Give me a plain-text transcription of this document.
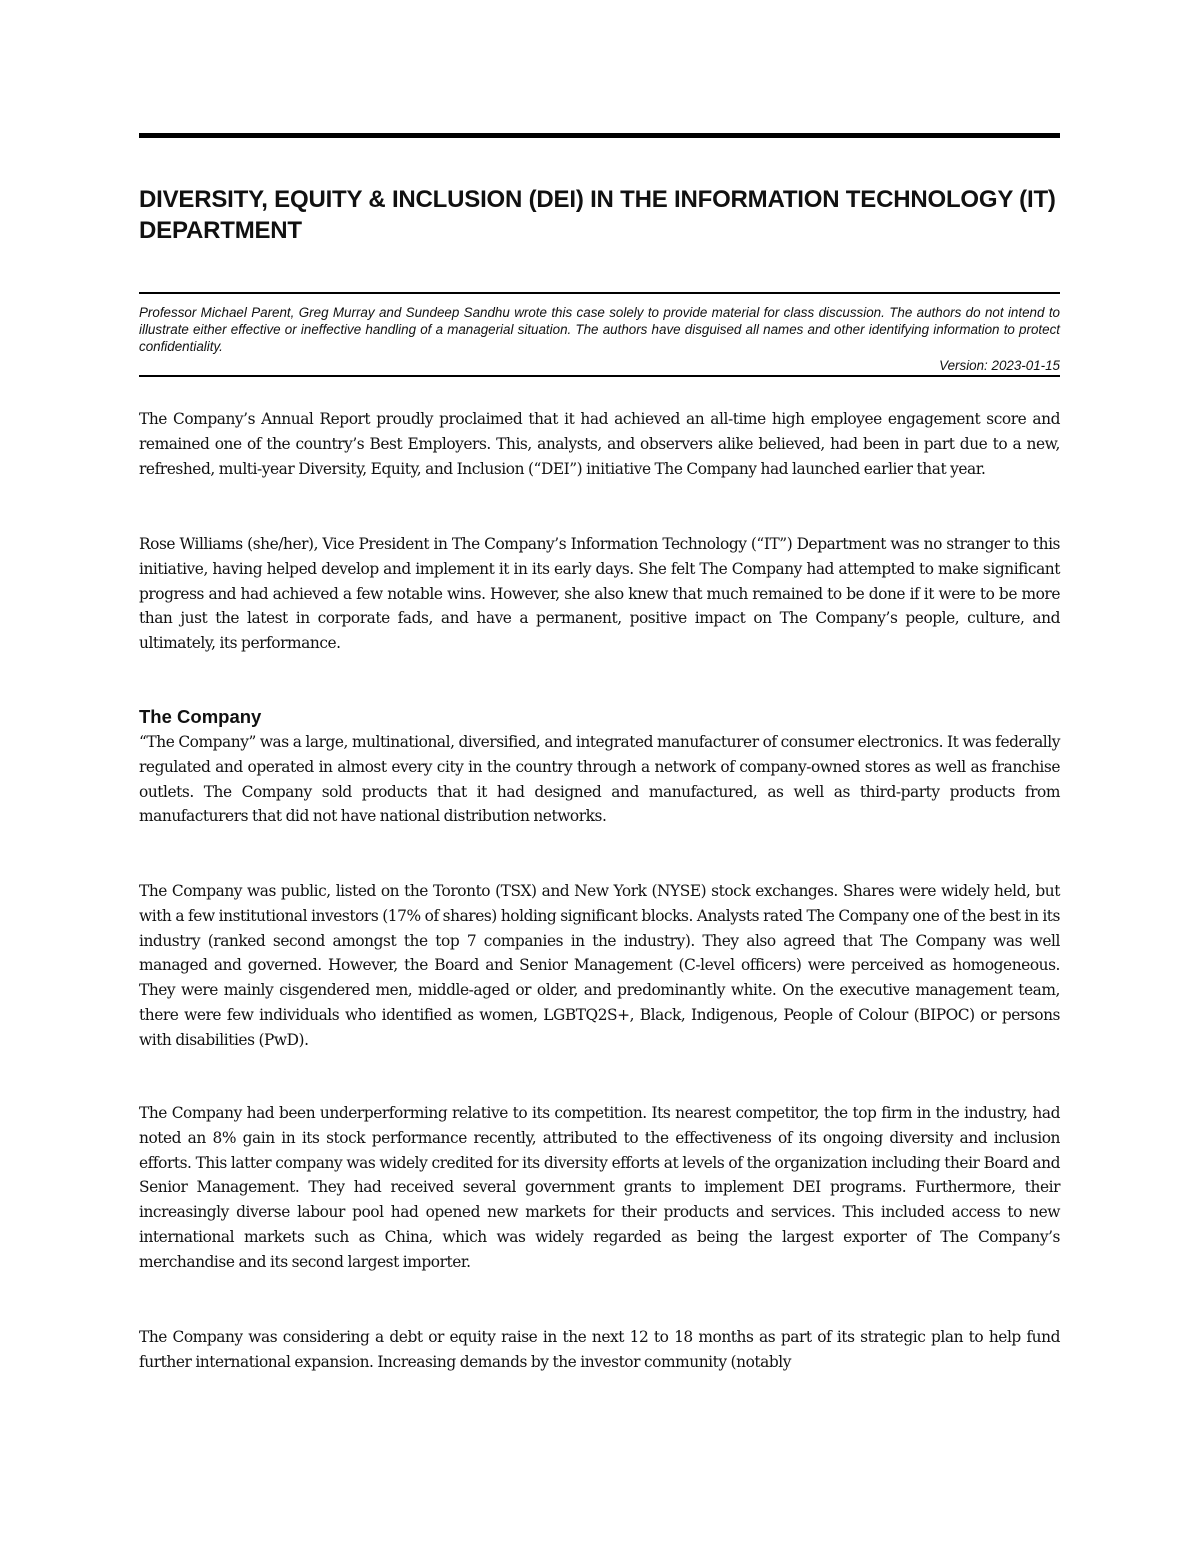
DIVERSITY, EQUITY & INCLUSION (DEI) IN THE INFORMATION TECHNOLOGY (IT) DEPARTMENT

Professor Michael Parent, Greg Murray and Sundeep Sandhu wrote this case solely to provide material for class discussion. The authors do not intend to illustrate either effective or ineffective handling of a managerial situation. The authors have disguised all names and other identifying information to protect confidentiality.

Version: 2023-01-15

The Company’s Annual Report proudly proclaimed that it had achieved an all-time high employee engagement score and remained one of the country’s Best Employers. This, analysts, and observers alike believed, had been in part due to a new, refreshed, multi-year Diversity, Equity, and Inclusion (“DEI”) initiative The Company had launched earlier that year.

Rose Williams (she/her), Vice President in The Company’s Information Technology (“IT”) Department was no stranger to this initiative, having helped develop and implement it in its early days. She felt The Company had attempted to make significant progress and had achieved a few notable wins. However, she also knew that much remained to be done if it were to be more than just the latest in corporate fads, and have a permanent, positive impact on The Company’s people, culture, and ultimately, its performance.

The Company

“The Company” was a large, multinational, diversified, and integrated manufacturer of consumer electronics. It was federally regulated and operated in almost every city in the country through a network of company-owned stores as well as franchise outlets. The Company sold products that it had designed and manufactured, as well as third-party products from manufacturers that did not have national distribution networks.

The Company was public, listed on the Toronto (TSX) and New York (NYSE) stock exchanges. Shares were widely held, but with a few institutional investors (17% of shares) holding significant blocks. Analysts rated The Company one of the best in its industry (ranked second amongst the top 7 companies in the industry). They also agreed that The Company was well managed and governed. However, the Board and Senior Management (C-level officers) were perceived as homogeneous. They were mainly cisgendered men, middle-aged or older, and predominantly white. On the executive management team, there were few individuals who identified as women, LGBTQ2S+, Black, Indigenous, People of Colour (BIPOC) or persons with disabilities (PwD).

The Company had been underperforming relative to its competition. Its nearest competitor, the top firm in the industry, had noted an 8% gain in its stock performance recently, attributed to the effectiveness of its ongoing diversity and inclusion efforts. This latter company was widely credited for its diversity efforts at levels of the organization including their Board and Senior Management. They had received several government grants to implement DEI programs. Furthermore, their increasingly diverse labour pool had opened new markets for their products and services. This included access to new international markets such as China, which was widely regarded as being the largest exporter of The Company’s merchandise and its second largest importer.

The Company was considering a debt or equity raise in the next 12 to 18 months as part of its strategic plan to help fund further international expansion. Increasing demands by the investor community (notably
